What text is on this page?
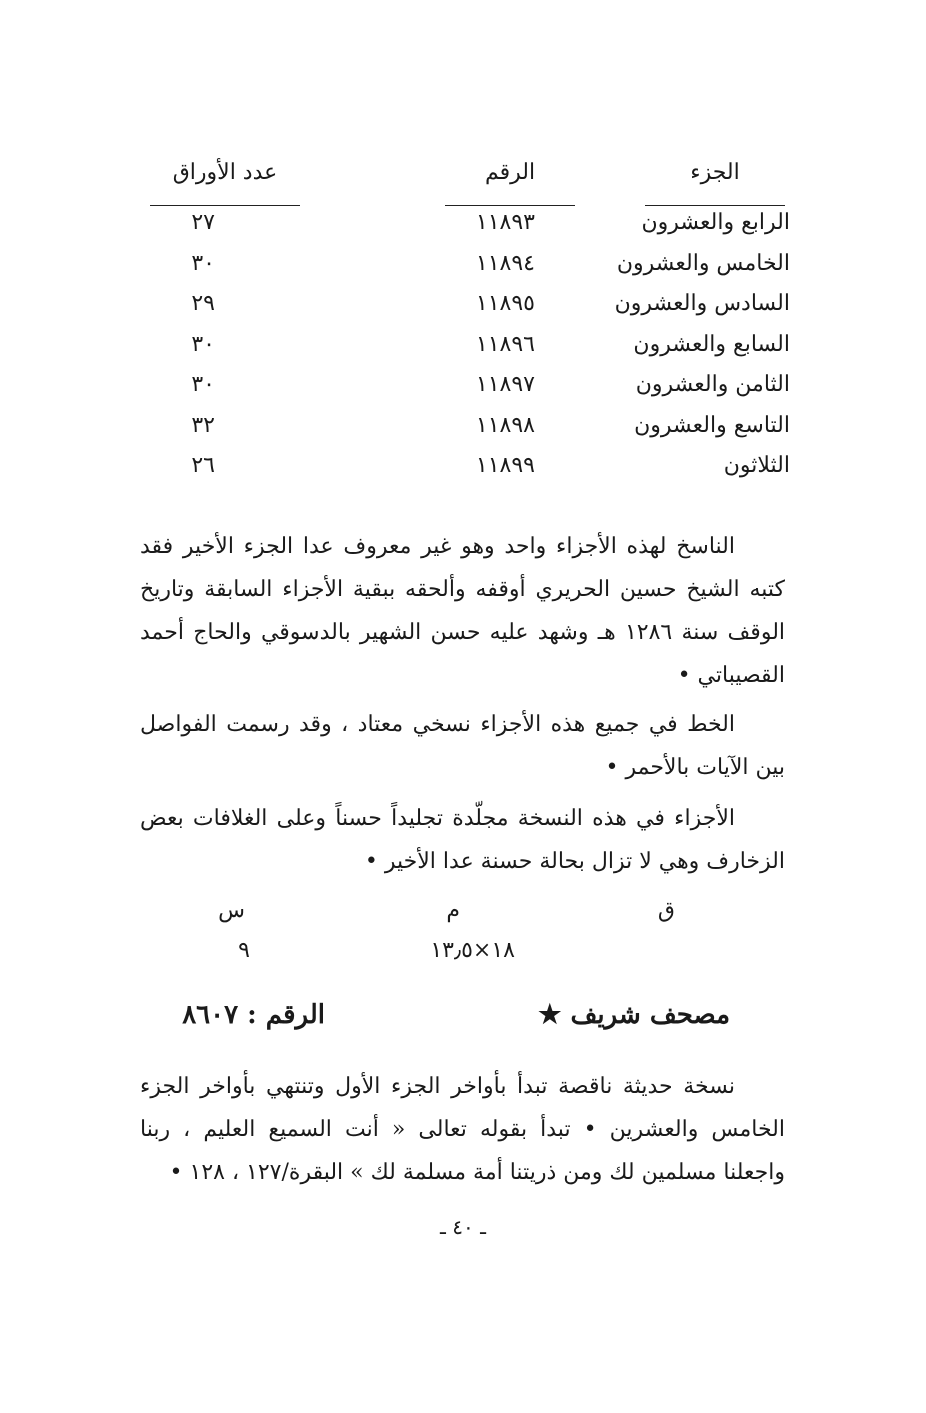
الجزء
الرقم
عدد الأوراق
الرابع والعشرون
١١٨٩٣
٢٧
الخامس والعشرون
١١٨٩٤
٣٠
السادس والعشرون
١١٨٩٥
٢٩
السابع والعشرون
١١٨٩٦
٣٠
الثامن والعشرون
١١٨٩٧
٣٠
التاسع والعشرون
١١٨٩٨
٣٢
الثلاثون
١١٨٩٩
٢٦

الناسخ لهذه الأجزاء واحد وهو غير معروف عدا الجزء الأخير فقد كتبه الشيخ حسين الحريري أوقفه وألحقه ببقية الأجزاء السابقة وتاريخ الوقف سنة ١٢٨٦ هـ وشهد عليه حسن الشهير بالدسوقي والحاج أحمد القصيباتي •

الخط في جميع هذه الأجزاء نسخي معتاد ، وقد رسمت الفواصل بين الآيات بالأحمر •

الأجزاء في هذه النسخة مجلّدة تجليداً حسناً وعلى الغلافات بعض الزخارف وهي لا تزال بحالة حسنة عدا الأخير •

ق
م
س
١٨×١٣٫٥
٩
مصحف شريف ★
الرقم : ٨٦٠٧

نسخة حديثة ناقصة تبدأ بأواخر الجزء الأول وتنتهي بأواخر الجزء الخامس والعشرين • تبدأ بقوله تعالى « أنت السميع العليم ، ربنا واجعلنا مسلمين لك ومن ذريتنا أمة مسلمة لك » البقرة/١٢٧ ، ١٢٨ •

ـ ٤٠ ـ
